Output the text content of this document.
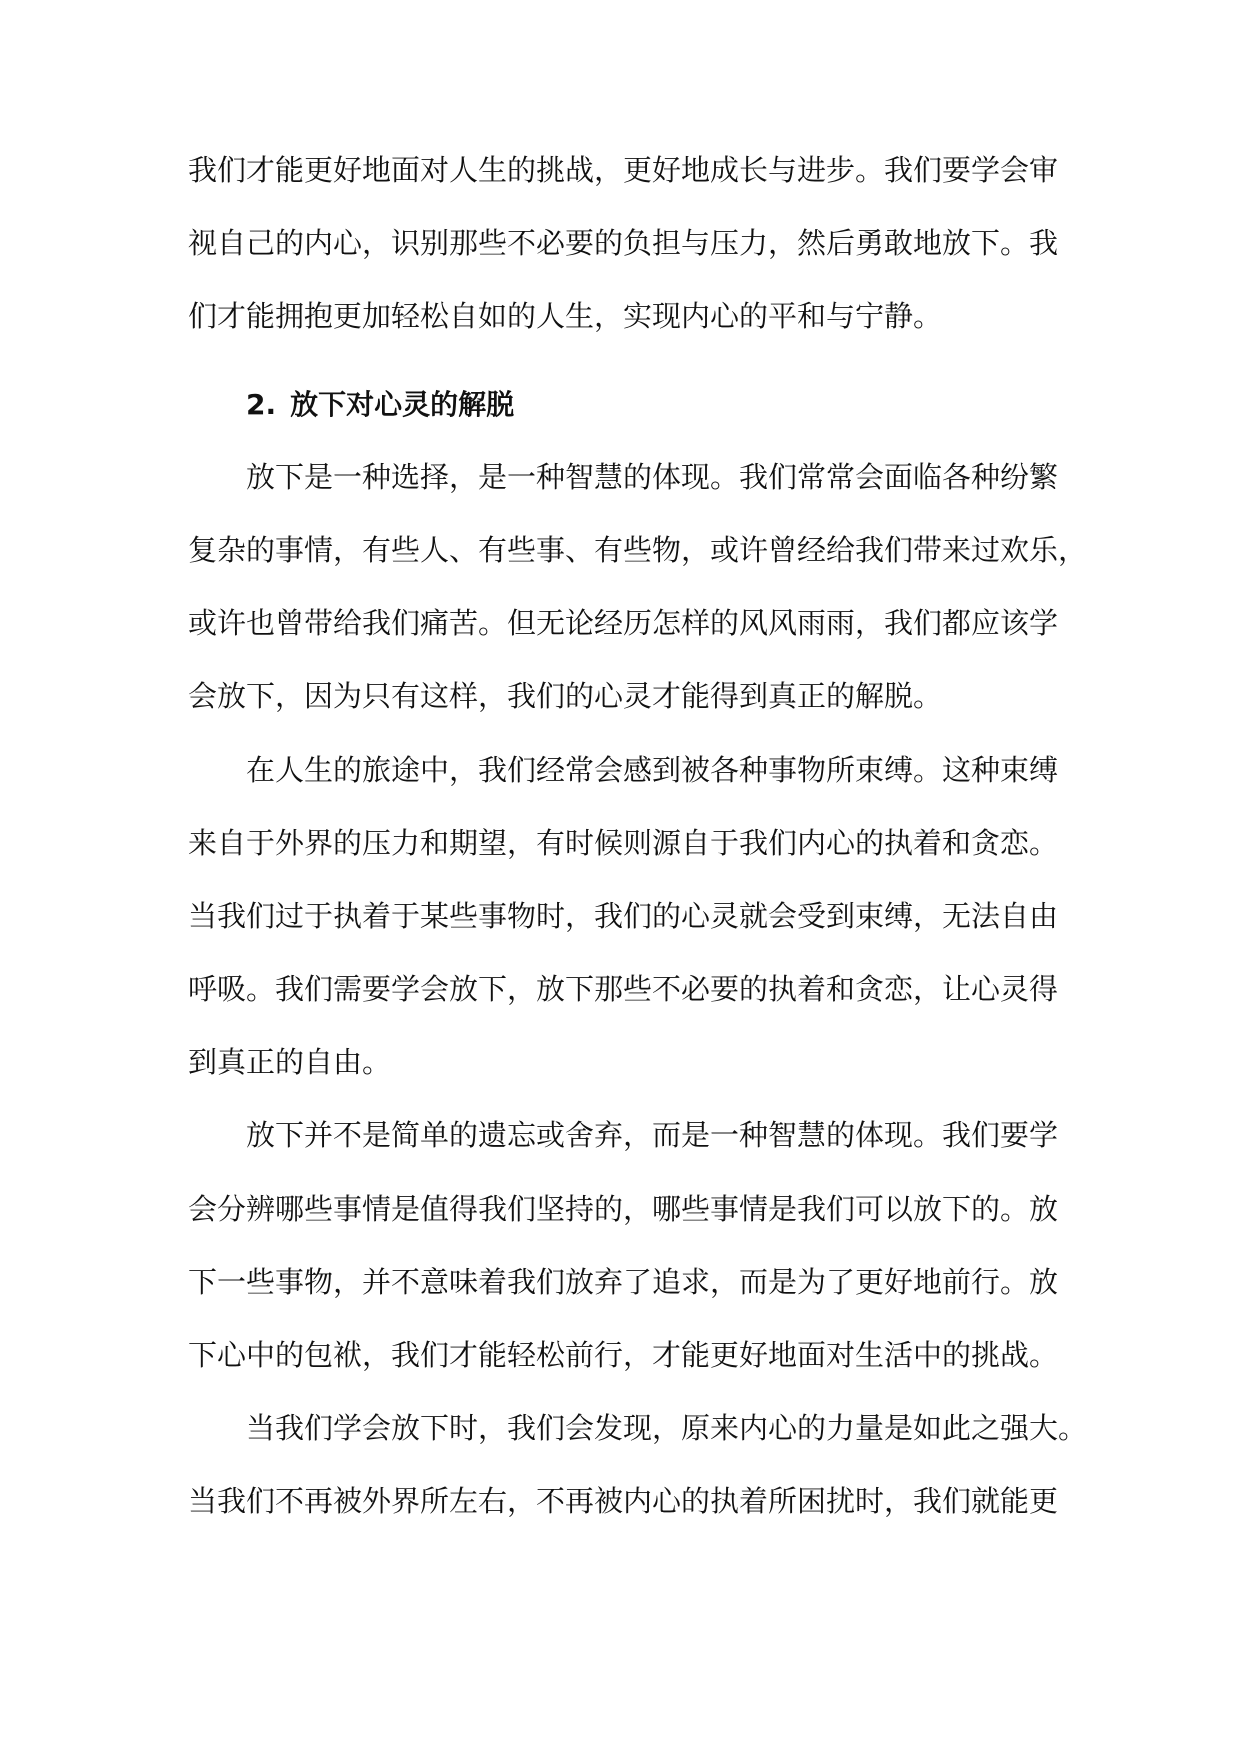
我们才能更好地面对人生的挑战，更好地成长与进步。我们要学会审
视自己的内心，识别那些不必要的负担与压力，然后勇敢地放下。我
们才能拥抱更加轻松自如的人生，实现内心的平和与宁静。
2. 放下对心灵的解脱
放下是一种选择，是一种智慧的体现。我们常常会面临各种纷繁
复杂的事情，有些人、有些事、有些物，或许曾经给我们带来过欢乐，
或许也曾带给我们痛苦。但无论经历怎样的风风雨雨，我们都应该学
会放下，因为只有这样，我们的心灵才能得到真正的解脱。
在人生的旅途中，我们经常会感到被各种事物所束缚。这种束缚
来自于外界的压力和期望，有时候则源自于我们内心的执着和贪恋。
当我们过于执着于某些事物时，我们的心灵就会受到束缚，无法自由
呼吸。我们需要学会放下，放下那些不必要的执着和贪恋，让心灵得
到真正的自由。
放下并不是简单的遗忘或舍弃，而是一种智慧的体现。我们要学
会分辨哪些事情是值得我们坚持的，哪些事情是我们可以放下的。放
下一些事物，并不意味着我们放弃了追求，而是为了更好地前行。放
下心中的包袱，我们才能轻松前行，才能更好地面对生活中的挑战。
当我们学会放下时，我们会发现，原来内心的力量是如此之强大。
当我们不再被外界所左右，不再被内心的执着所困扰时，我们就能更
